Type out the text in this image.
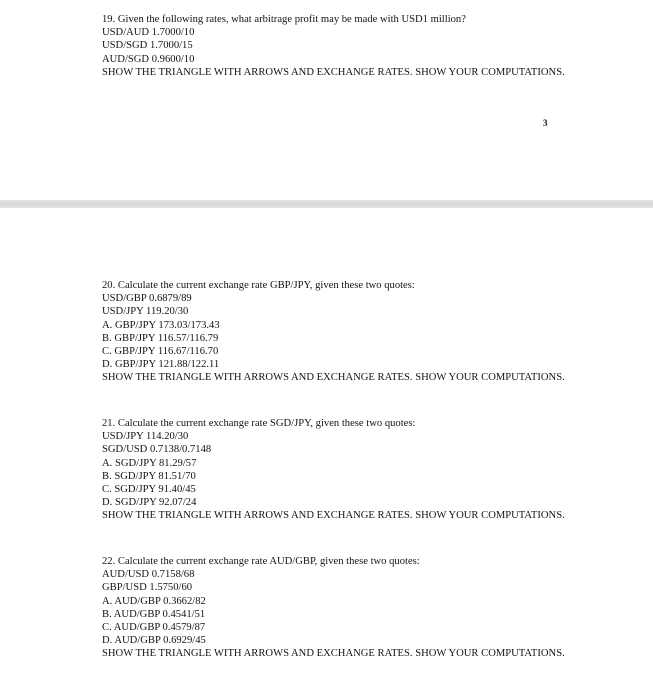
19. Given the following rates, what arbitrage profit may be made with USD1 million?
USD/AUD 1.7000/10
USD/SGD 1.7000/15
AUD/SGD 0.9600/10
SHOW THE TRIANGLE WITH ARROWS AND EXCHANGE RATES. SHOW YOUR COMPUTATIONS.
3
20. Calculate the current exchange rate GBP/JPY, given these two quotes:
USD/GBP 0.6879/89
USD/JPY 119.20/30
A. GBP/JPY 173.03/173.43
B. GBP/JPY 116.57/116.79
C. GBP/JPY 116.67/116.70
D. GBP/JPY 121.88/122.11
SHOW THE TRIANGLE WITH ARROWS AND EXCHANGE RATES. SHOW YOUR COMPUTATIONS.
21. Calculate the current exchange rate SGD/JPY, given these two quotes:
USD/JPY 114.20/30
SGD/USD 0.7138/0.7148
A. SGD/JPY 81.29/57
B. SGD/JPY 81.51/70
C. SGD/JPY 91.40/45
D. SGD/JPY 92.07/24
SHOW THE TRIANGLE WITH ARROWS AND EXCHANGE RATES. SHOW YOUR COMPUTATIONS.
22. Calculate the current exchange rate AUD/GBP, given these two quotes:
AUD/USD 0.7158/68
GBP/USD 1.5750/60
A. AUD/GBP 0.3662/82
B. AUD/GBP 0.4541/51
C. AUD/GBP 0.4579/87
D. AUD/GBP 0.6929/45
SHOW THE TRIANGLE WITH ARROWS AND EXCHANGE RATES. SHOW YOUR COMPUTATIONS.
